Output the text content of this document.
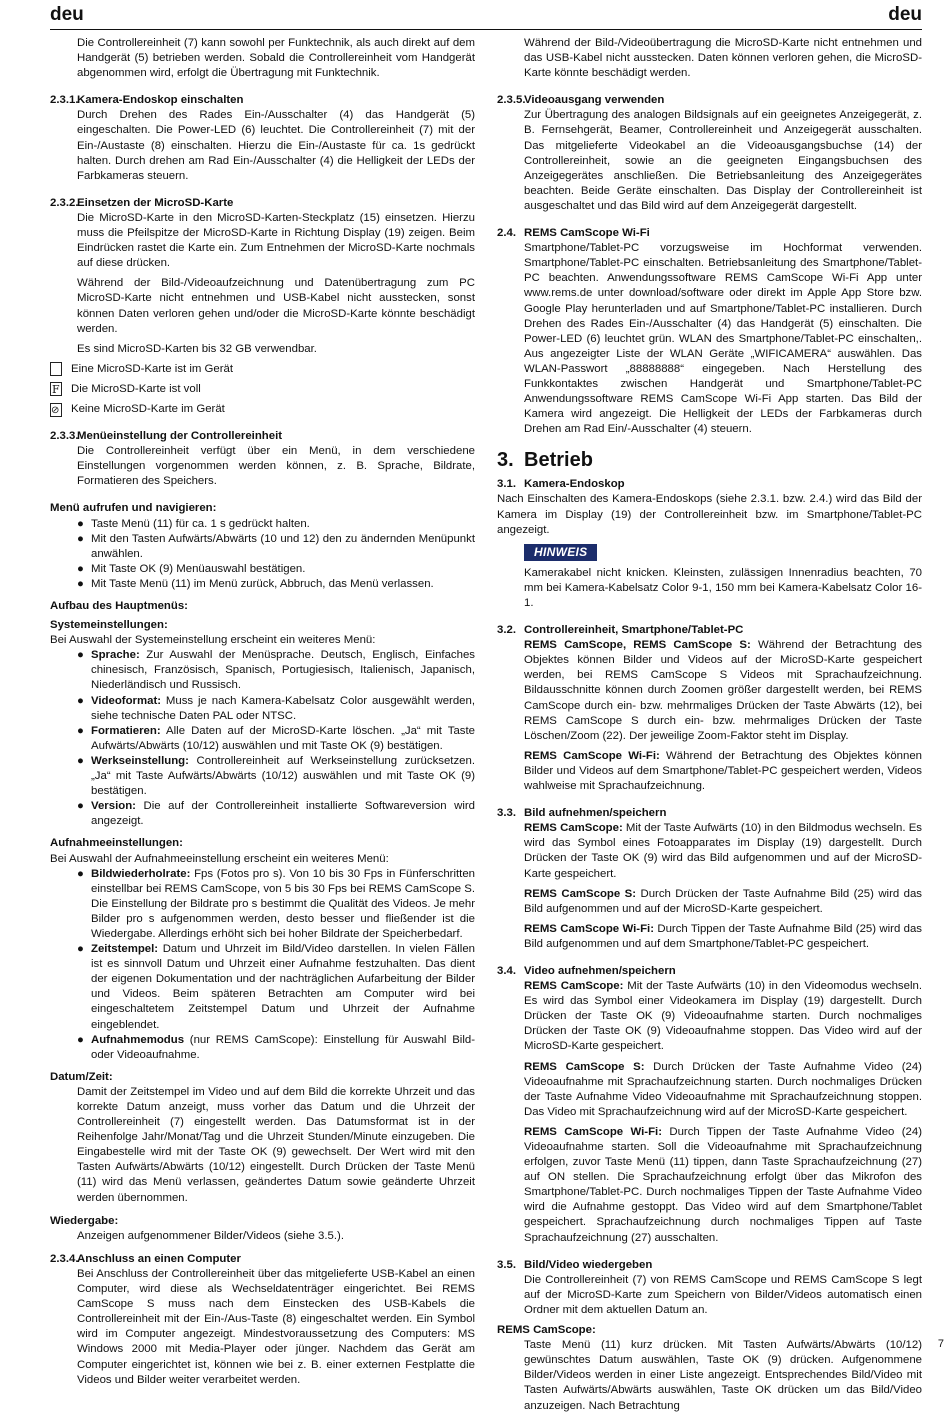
deu	deu

Die Controllereinheit (7) kann sowohl per Funktechnik, als auch direkt auf dem Handgerät (5) betrieben werden. Sobald die Controllereinheit vom Handgerät abgenommen wird, erfolgt die Übertragung mit Funktechnik.

2.3.1.Kamera-Endoskop einschalten

Durch Drehen des Rades Ein-/Ausschalter (4) das Handgerät (5) eingeschalten. Die Power-LED (6) leuchtet. Die Controllereinheit (7) mit der Ein-/Austaste (8) einschalten. Hierzu die Ein-/Austaste für ca. 1s gedrückt halten. Durch drehen am Rad Ein-/Ausschalter (4) die Helligkeit der LEDs der Farbkameras steuern.

2.3.2.Einsetzen der MicroSD-Karte

Die MicroSD-Karte in den MicroSD-Karten-Steckplatz (15) einsetzen. Hierzu muss die Pfeilspitze der MicroSD-Karte in Richtung Display (19) zeigen. Beim Eindrücken rastet die Karte ein. Zum Entnehmen der MicroSD-Karte nochmals auf diese drücken.

Während der Bild-/Videoaufzeichnung und Datenübertragung zum PC MicroSD-Karte nicht entnehmen und USB-Kabel nicht ausstecken, sonst können Daten verloren gehen und/oder die MicroSD-Karte könnte beschädigt werden.

Es sind MicroSD-Karten bis 32 GB verwendbar.

Eine MicroSD-Karte ist im Gerät
F
Die MicroSD-Karte ist voll
⊘
Keine MicroSD-Karte im Gerät
2.3.3.Menüeinstellung der Controllereinheit

Die Controllereinheit verfügt über ein Menü, in dem verschiedene Einstellungen vorgenommen werden können, z. B. Sprache, Bildrate, Formatieren des Speichers.

Menü aufrufen und navigieren:
● Taste Menü (11) für ca. 1 s gedrückt halten.
● Mit den Tasten Aufwärts/Abwärts (10 und 12) den zu ändernden Menüpunkt anwählen.
● Mit Taste OK (9) Menüauswahl bestätigen.
● Mit Taste Menü (11) im Menü zurück, Abbruch, das Menü verlassen.
Aufbau des Hauptmenüs:
Systemeinstellungen:

Bei Auswahl der Systemeinstellung erscheint ein weiteres Menü:

● Sprache: Zur Auswahl der Menüsprache. Deutsch, Englisch, Einfaches chinesisch, Französisch, Spanisch, Portugiesisch, Italienisch, Japanisch, Niederländisch und Russisch.
● Videoformat: Muss je nach Kamera-Kabelsatz Color ausgewählt werden, siehe technische Daten PAL oder NTSC.
● Formatieren: Alle Daten auf der MicroSD-Karte löschen. „Ja“ mit Taste Aufwärts/Abwärts (10/12) auswählen und mit Taste OK (9) bestätigen.
● Werkseinstellung: Controllereinheit auf Werkseinstellung zurücksetzen. „Ja“ mit Taste Aufwärts/Abwärts (10/12) auswählen und mit Taste OK (9) bestätigen.
● Version: Die auf der Controllereinheit installierte Softwareversion wird angezeigt.
Aufnahmeeinstellungen:

Bei Auswahl der Aufnahmeeinstellung erscheint ein weiteres Menü:

● Bildwiederholrate: Fps (Fotos pro s). Von 10 bis 30 Fps in Fünferschritten einstellbar bei REMS CamScope, von 5 bis 30 Fps bei REMS CamScope S. Die Einstellung der Bildrate pro s bestimmt die Qualität des Videos. Je mehr Bilder pro s aufgenommen werden, desto besser und fließender ist die Wiedergabe. Allerdings erhöht sich bei hoher Bildrate der Speicherbedarf.
● Zeitstempel: Datum und Uhrzeit im Bild/Video darstellen. In vielen Fällen ist es sinnvoll Datum und Uhrzeit einer Aufnahme festzuhalten. Das dient der eigenen Dokumentation und der nachträglichen Aufarbeitung der Bilder und Videos. Beim späteren Betrachten am Computer wird bei eingeschaltetem Zeitstempel Datum und Uhrzeit der Aufnahme eingeblendet.
● Aufnahmemodus (nur REMS CamScope): Einstellung für Auswahl Bild- oder Videoaufnahme.
Datum/Zeit:

Damit der Zeitstempel im Video und auf dem Bild die korrekte Uhrzeit und das korrekte Datum anzeigt, muss vorher das Datum und die Uhrzeit der Controllereinheit (7) eingestellt werden. Das Datumsformat ist in der Reihenfolge Jahr/Monat/Tag und die Uhrzeit Stunden/Minute einzugeben. Die Eingabestelle wird mit der Taste OK (9) gewechselt. Der Wert wird mit den Tasten Aufwärts/Abwärts (10/12) eingestellt. Durch Drücken der Taste Menü (11) wird das Menü verlassen, geändertes Datum sowie geänderte Uhrzeit werden übernommen.

Wiedergabe:

Anzeigen aufgenommener Bilder/Videos (siehe 3.5.).

2.3.4.Anschluss an einen Computer

Bei Anschluss der Controllereinheit über das mitgelieferte USB-Kabel an einen Computer, wird diese als Wechseldatenträger eingerichtet. Bei REMS CamScope S muss nach dem Einstecken des USB-Kabels die Controllereinheit mit der Ein-/Aus-Taste (8) eingeschaltet werden. Ein Symbol wird im Computer angezeigt. Mindestvoraussetzung des Computers: MS Windows 2000 mit Media-Player oder jünger. Nachdem das Gerät am Computer eingerichtet ist, können wie bei z. B. einer externen Festplatte die Videos und Bilder weiter verarbeitet werden.

Während der Bild-/Videoübertragung die MicroSD-Karte nicht entnehmen und das USB-Kabel nicht ausstecken. Daten können verloren gehen, die MicroSD-Karte könnte beschädigt werden.

2.3.5.Videoausgang verwenden

Zur Übertragung des analogen Bildsignals auf ein geeignetes Anzeigegerät, z. B. Fernsehgerät, Beamer, Controllereinheit und Anzeigegerät ausschalten. Das mitgelieferte Videokabel an die Videoausgangsbuchse (14) der Controllereinheit, sowie an die geeigneten Eingangsbuchsen des Anzeigegerätes anschließen. Die Betriebsanleitung des Anzeigegerätes beachten. Beide Geräte einschalten. Das Display der Controllereinheit ist ausgeschaltet und das Bild wird auf dem Anzeigegerät dargestellt.

2.4. REMS CamScope Wi-Fi

Smartphone/Tablet-PC vorzugsweise im Hochformat verwenden. Smartphone/Tablet-PC einschalten. Betriebsanleitung des Smartphone/Tablet-PC beachten. Anwendungssoftware REMS CamScope Wi-Fi App unter www.rems.de unter download/software oder direkt im Apple App Store bzw. Google Play herunterladen und auf Smartphone/Tablet-PC installieren. Durch Drehen des Rades Ein-/Ausschalter (4) das Handgerät (5) einschalten. Die Power-LED (6) leuchtet grün. WLAN des Smartphone/Tablet-PC einschalten,. Aus angezeigter Liste der WLAN Geräte „WIFICAMERA“ auswählen. Das WLAN-Passwort „88888888“ eingegeben. Nach Herstellung des Funkkontaktes zwischen Handgerät und Smartphone/Tablet-PC Anwendungssoftware REMS CamScope Wi-Fi App starten. Das Bild der Kamera wird angezeigt. Die Helligkeit der LEDs der Farbkameras durch Drehen am Rad Ein/-Ausschalter (4) steuern.

3. Betrieb
3.1. Kamera-Endoskop

Nach Einschalten des Kamera-Endoskops (siehe 2.3.1. bzw. 2.4.) wird das Bild der Kamera im Display (19) der Controllereinheit bzw. im Smartphone/Tablet-PC angezeigt.

HINWEIS

Kamerakabel nicht knicken. Kleinsten, zulässigen Innenradius beachten, 70 mm bei Kamera-Kabelsatz Color 9-1, 150 mm bei Kamera-Kabelsatz Color 16-1.

3.2. Controllereinheit, Smartphone/Tablet-PC

REMS CamScope, REMS CamScope S: Während der Betrachtung des Objektes können Bilder und Videos auf der MicroSD-Karte gespeichert werden, bei REMS CamScope S Videos mit Sprachaufzeichnung. Bildausschnitte können durch Zoomen größer dargestellt werden, bei REMS CamScope durch ein- bzw. mehrmaliges Drücken der Taste Abwärts (12), bei REMS CamScope S durch ein- bzw. mehrmaliges Drücken der Taste Löschen/Zoom (22). Der jeweilige Zoom-Faktor steht im Display.

REMS CamScope Wi-Fi: Während der Betrachtung des Objektes können Bilder und Videos auf dem Smartphone/Tablet-PC gespeichert werden, Videos wahlweise mit Sprachaufzeichnung.

3.3. Bild aufnehmen/speichern

REMS CamScope: Mit der Taste Aufwärts (10) in den Bildmodus wechseln. Es wird das Symbol eines Fotoapparates im Display (19) dargestellt. Durch Drücken der Taste OK (9) wird das Bild aufgenommen und auf der MicroSD-Karte gespeichert.

REMS CamScope S: Durch Drücken der Taste Aufnahme Bild (25) wird das Bild aufgenommen und auf der MicroSD-Karte gespeichert.

REMS CamScope Wi-Fi: Durch Tippen der Taste Aufnahme Bild (25) wird das Bild aufgenommen und auf dem Smartphone/Tablet-PC gespeichert.

3.4. Video aufnehmen/speichern

REMS CamScope: Mit der Taste Aufwärts (10) in den Videomodus wechseln. Es wird das Symbol einer Videokamera im Display (19) dargestellt. Durch Drücken der Taste OK (9) Videoaufnahme starten. Durch nochmaliges Drücken der Taste OK (9) Videoaufnahme stoppen. Das Video wird auf der MicroSD-Karte gespeichert.

REMS CamScope S: Durch Drücken der Taste Aufnahme Video (24) Videoaufnahme mit Sprachaufzeichnung starten. Durch nochmaliges Drücken der Taste Aufnahme Video Videoaufnahme mit Sprachaufzeichnung stoppen. Das Video mit Sprachaufzeichnung wird auf der MicroSD-Karte gespeichert.

REMS CamScope Wi-Fi: Durch Tippen der Taste Aufnahme Video (24) Videoaufnahme starten. Soll die Videoaufnahme mit Sprachaufzeichnung erfolgen, zuvor Taste Menü (11) tippen, dann Taste Sprachaufzeichnung (27) auf ON stellen. Die Sprachaufzeichnung erfolgt über das Mikrofon des Smartphone/Tablet-PC. Durch nochmaliges Tippen der Taste Aufnahme Video wird die Aufnahme gestoppt. Das Video wird auf dem Smartphone/Tablet gespeichert. Sprachaufzeichnung durch nochmaliges Tippen auf Taste Sprachaufzeichnung (27) ausschalten.

3.5. Bild/Video wiedergeben

Die Controllereinheit (7) von REMS CamScope und REMS CamScope S legt auf der MicroSD-Karte zum Speichern von Bilder/Videos automatisch einen Ordner mit dem aktuellen Datum an.

REMS CamScope:

Taste Menü (11) kurz drücken. Mit Tasten Aufwärts/Abwärts (10/12) gewünschtes Datum auswählen, Taste OK (9) drücken. Aufgenommene Bilder/Videos werden in einer Liste angezeigt. Entsprechendes Bild/Video mit Tasten Aufwärts/Abwärts auswählen, Taste OK drücken um das Bild/Video anzuzeigen. Nach Betrachtung

7
